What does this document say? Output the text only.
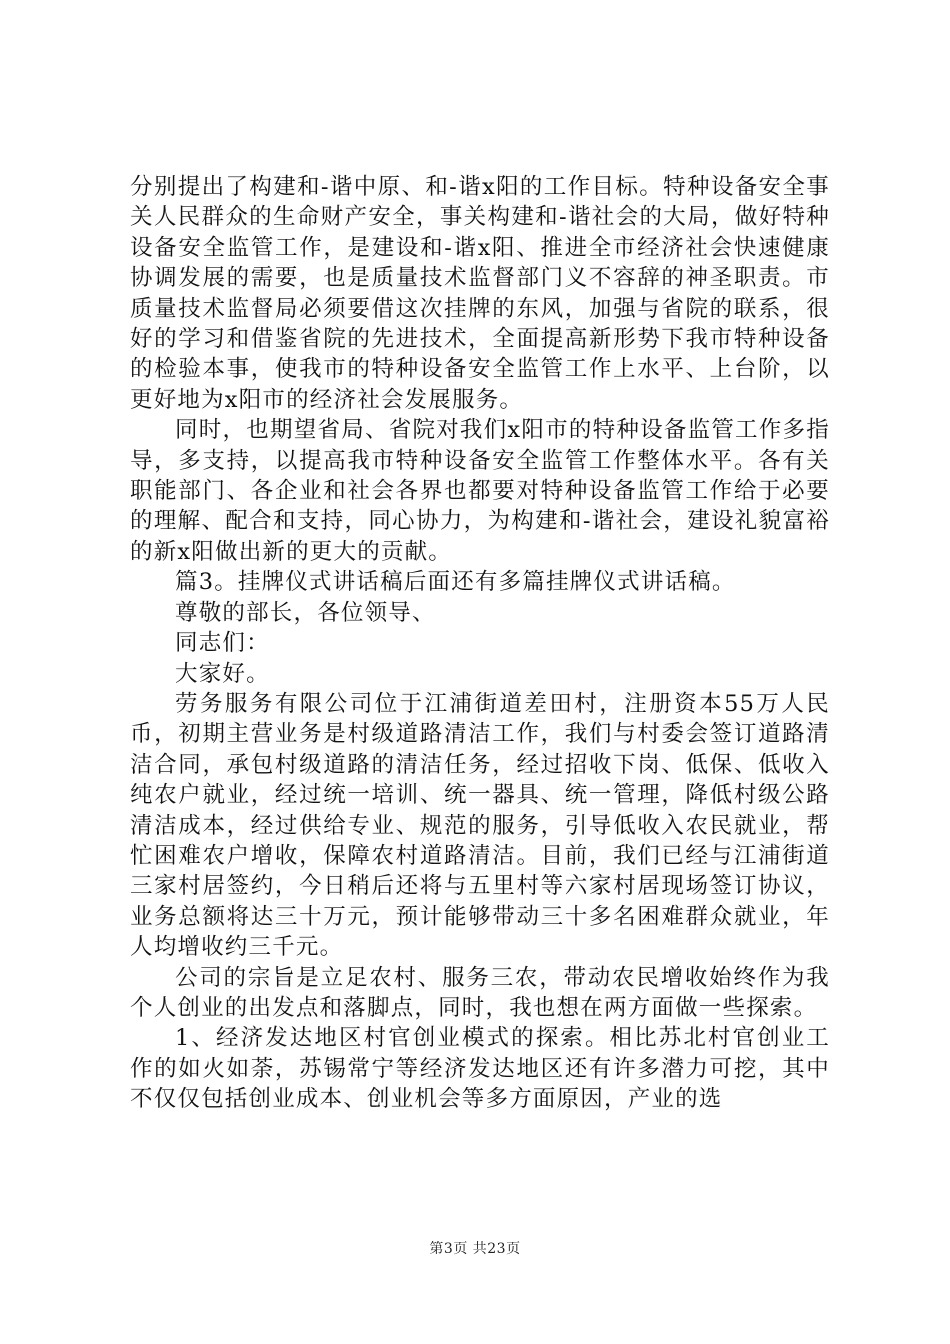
分别提出了构建和-谐中原、和-谐x阳的工作目标。特种设备安全事关人民群众的生命财产安全，事关构建和-谐社会的大局，做好特种设备安全监管工作，是建设和-谐x阳、推进全市经济社会快速健康协调发展的需要，也是质量技术监督部门义不容辞的神圣职责。市质量技术监督局必须要借这次挂牌的东风，加强与省院的联系，很好的学习和借鉴省院的先进技术，全面提高新形势下我市特种设备的检验本事，使我市的特种设备安全监管工作上水平、上台阶，以更好地为x阳市的经济社会发展服务。

同时，也期望省局、省院对我们x阳市的特种设备监管工作多指导，多支持，以提高我市特种设备安全监管工作整体水平。各有关职能部门、各企业和社会各界也都要对特种设备监管工作给于必要的理解、配合和支持，同心协力，为构建和-谐社会，建设礼貌富裕的新x阳做出新的更大的贡献。

篇3。挂牌仪式讲话稿后面还有多篇挂牌仪式讲话稿。

尊敬的部长，各位领导、

同志们：

大家好。

劳务服务有限公司位于江浦街道差田村，注册资本55万人民币，初期主营业务是村级道路清洁工作，我们与村委会签订道路清洁合同，承包村级道路的清洁任务，经过招收下岗、低保、低收入纯农户就业，经过统一培训、统一器具、统一管理，降低村级公路清洁成本，经过供给专业、规范的服务，引导低收入农民就业，帮忙困难农户增收，保障农村道路清洁。目前，我们已经与江浦街道三家村居签约，今日稍后还将与五里村等六家村居现场签订协议，业务总额将达三十万元，预计能够带动三十多名困难群众就业，年人均增收约三千元。

公司的宗旨是立足农村、服务三农，带动农民增收始终作为我个人创业的出发点和落脚点，同时，我也想在两方面做一些探索。

1、经济发达地区村官创业模式的探索。相比苏北村官创业工作的如火如荼，苏锡常宁等经济发达地区还有许多潜力可挖，其中不仅仅包括创业成本、创业机会等多方面原因，产业的选

第3页 共23页
